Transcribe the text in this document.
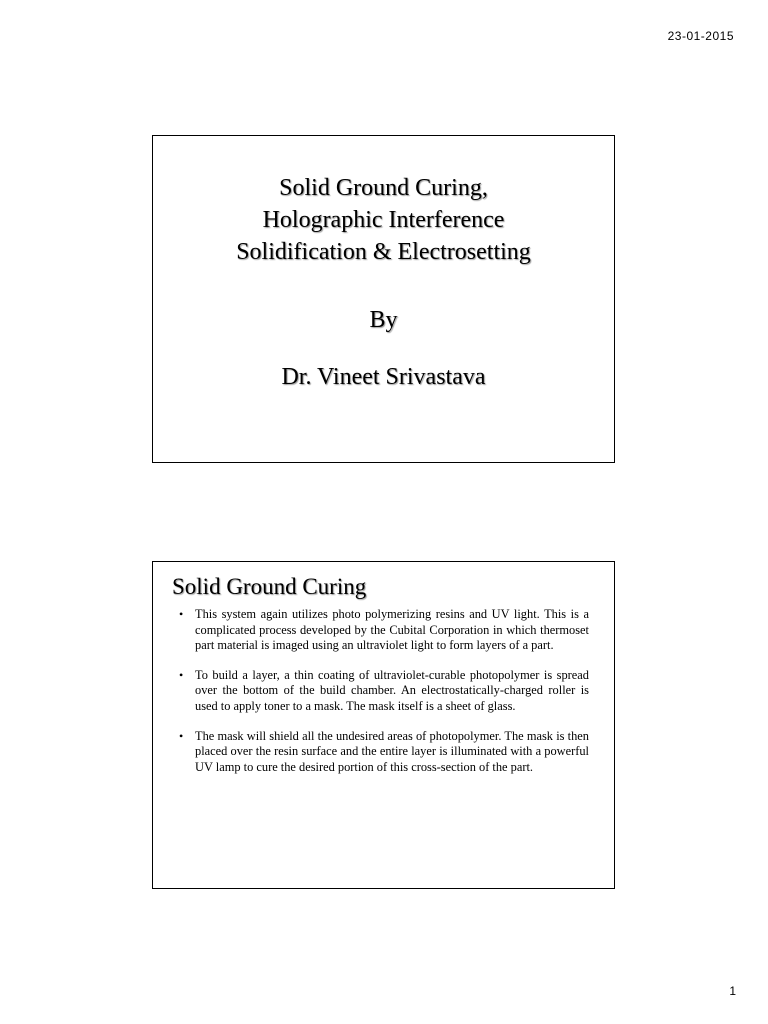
23-01-2015
Solid Ground Curing,
Holographic Interference
Solidification & Electrosetting
By
Dr. Vineet Srivastava
Solid Ground Curing
• This system again utilizes photo polymerizing resins and UV light. This is a complicated process developed by the Cubital Corporation in which thermoset part material is imaged using an ultraviolet light to form layers of a part.
• To build a layer, a thin coating of ultraviolet-curable photopolymer is spread over the bottom of the build chamber. An electrostatically-charged roller is used to apply toner to a mask. The mask itself is a sheet of glass.
• The mask will shield all the undesired areas of photopolymer. The mask is then placed over the resin surface and the entire layer is illuminated with a powerful UV lamp to cure the desired portion of this cross-section of the part.
1
